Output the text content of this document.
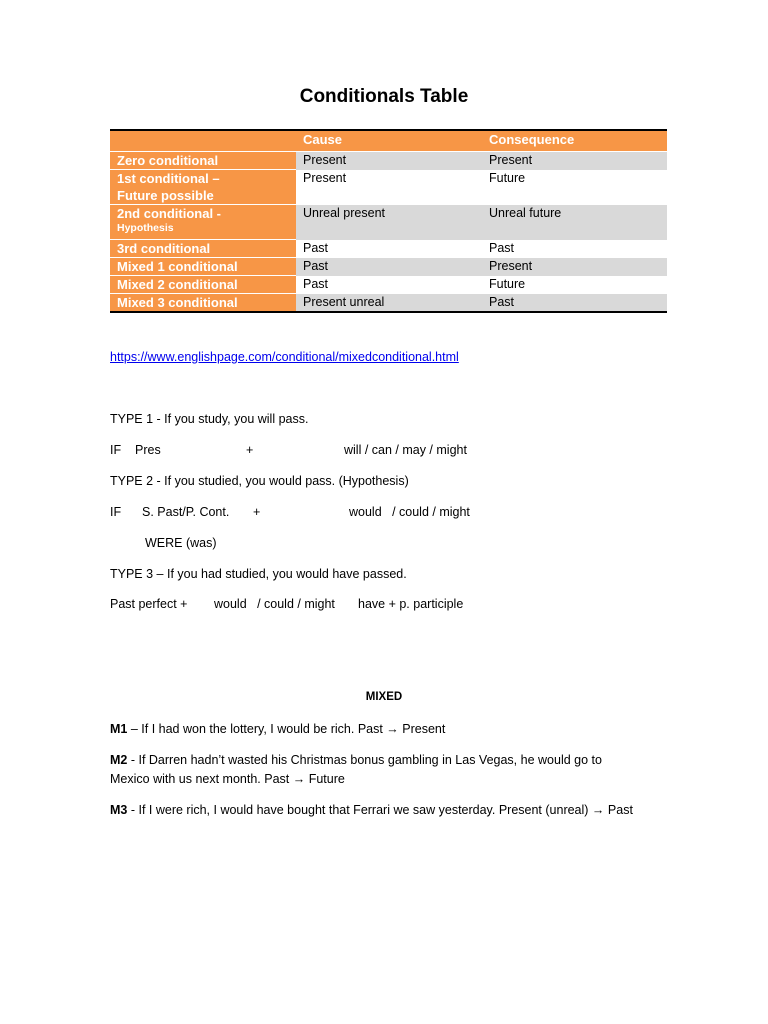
Conditionals Table
	Cause	Consequence
Zero conditional	Present	Present
1st conditional –
Future possible	Present	Future
2nd conditional -
Hypothesis	Unreal present	Unreal future
3rd conditional	Past	Past
Mixed 1 conditional	Past	Present
Mixed 2 conditional	Past	Future
Mixed 3 conditional	Present unreal	Past
https://www.englishpage.com/conditional/mixedconditional.html
TYPE 1 - If you study, you will pass.
IF Pres	+	will / can / may / might
TYPE 2 - If you studied, you would pass. (Hypothesis)
IF S. Past/P. Cont. +	would   / could / might
WERE (was)
TYPE 3 – If you had studied, you would have passed.
Past perfect + would   / could / might have + p. participle
MIXED
M1 – If I had won the lottery, I would be rich. Past → Present
M2 - If Darren hadn’t wasted his Christmas bonus gambling in Las Vegas, he would go to Mexico with us next month. Past → Future
M3 - If I were rich, I would have bought that Ferrari we saw yesterday. Present (unreal) → Past
